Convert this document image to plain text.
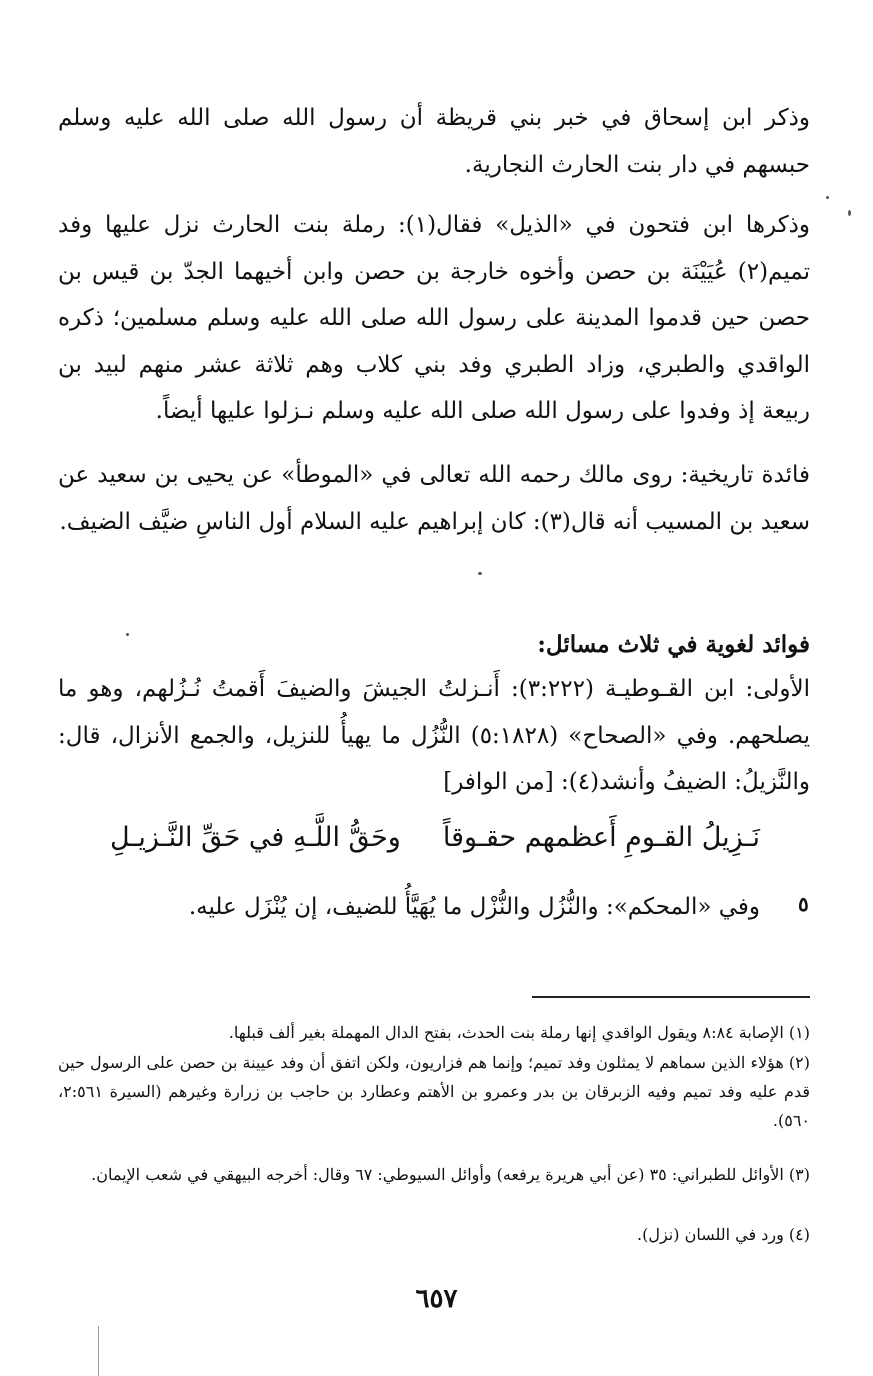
وذكر ابن إسحاق في خبر بني قريظة أن رسول الله صلى الله عليه وسلم حبسهم في دار بنت الحارث النجارية.

وذكرها ابن فتحون في «الذيل» فقال(١): رملة بنت الحارث نزل عليها وفد تميم(٢) عُيَيْنَة بن حصن وأخوه خارجة بن حصن وابن أخيهما الجدّ بن قيس بن حصن حين قدموا المدينة على رسول الله صلى الله عليه وسلم مسلمين؛ ذكره الواقدي والطبري، وزاد الطبري وفد بني كلاب وهم ثلاثة عشر منهم لبيد بن ربيعة إذ وفدوا على رسول الله صلى الله عليه وسلم نـزلوا عليها أيضاً.

فائدة تاريخية: روى مالك رحمه الله تعالى في «الموطأ» عن يحيى بن سعيد عن سعيد بن المسيب أنه قال(٣): كان إبراهيم عليه السلام أول الناسِ ضيَّف الضيف.

فوائد لغوية في ثلاث مسائل:

الأولى: ابن القـوطيـة (٣:٢٢٢): أَنـزلتُ الجيشَ والضيفَ أَقمتُ نُـزُلهم، وهو ما يصلحهم. وفي «الصحاح» (٥:١٨٢٨) النُّزُل ما يهيأُ للنزيل، والجمع الأنزال، قال: والنَّزيلُ: الضيفُ وأنشد(٤): [من الوافر]

نَـزِيلُ القـومِ أَعظمهم حقـوقاً
وحَقُّ اللَّـهِ في حَقِّ النَّـزيـلِ
٥

وفي «المحكم»: والنُّزُل والنُّزْل ما يُهَيَّأُ للضيف، إن يُنْزَل عليه.

(١) الإصابة ٨:٨٤ ويقول الواقدي إنها رملة بنت الحدث، بفتح الدال المهملة بغير ألف قبلها.

(٢) هؤلاء الذين سماهم لا يمثلون وفد تميم؛ وإنما هم فزاريون، ولكن اتفق أن وفد عيينة بن حصن على الرسول حين قدم عليه وفد تميم وفيه الزبرقان بن بدر وعمرو بن الأهتم وعطارد بن حاجب بن زرارة وغيرهم (السيرة ٢:٥٦١، ٥٦٠).

(٣) الأوائل للطبراني: ٣٥ (عن أبي هريرة يرفعه) وأوائل السيوطي: ٦٧ وقال: أخرجه البيهقي في شعب الإيمان.

(٤) ورد في اللسان (نزل).

٦٥٧
